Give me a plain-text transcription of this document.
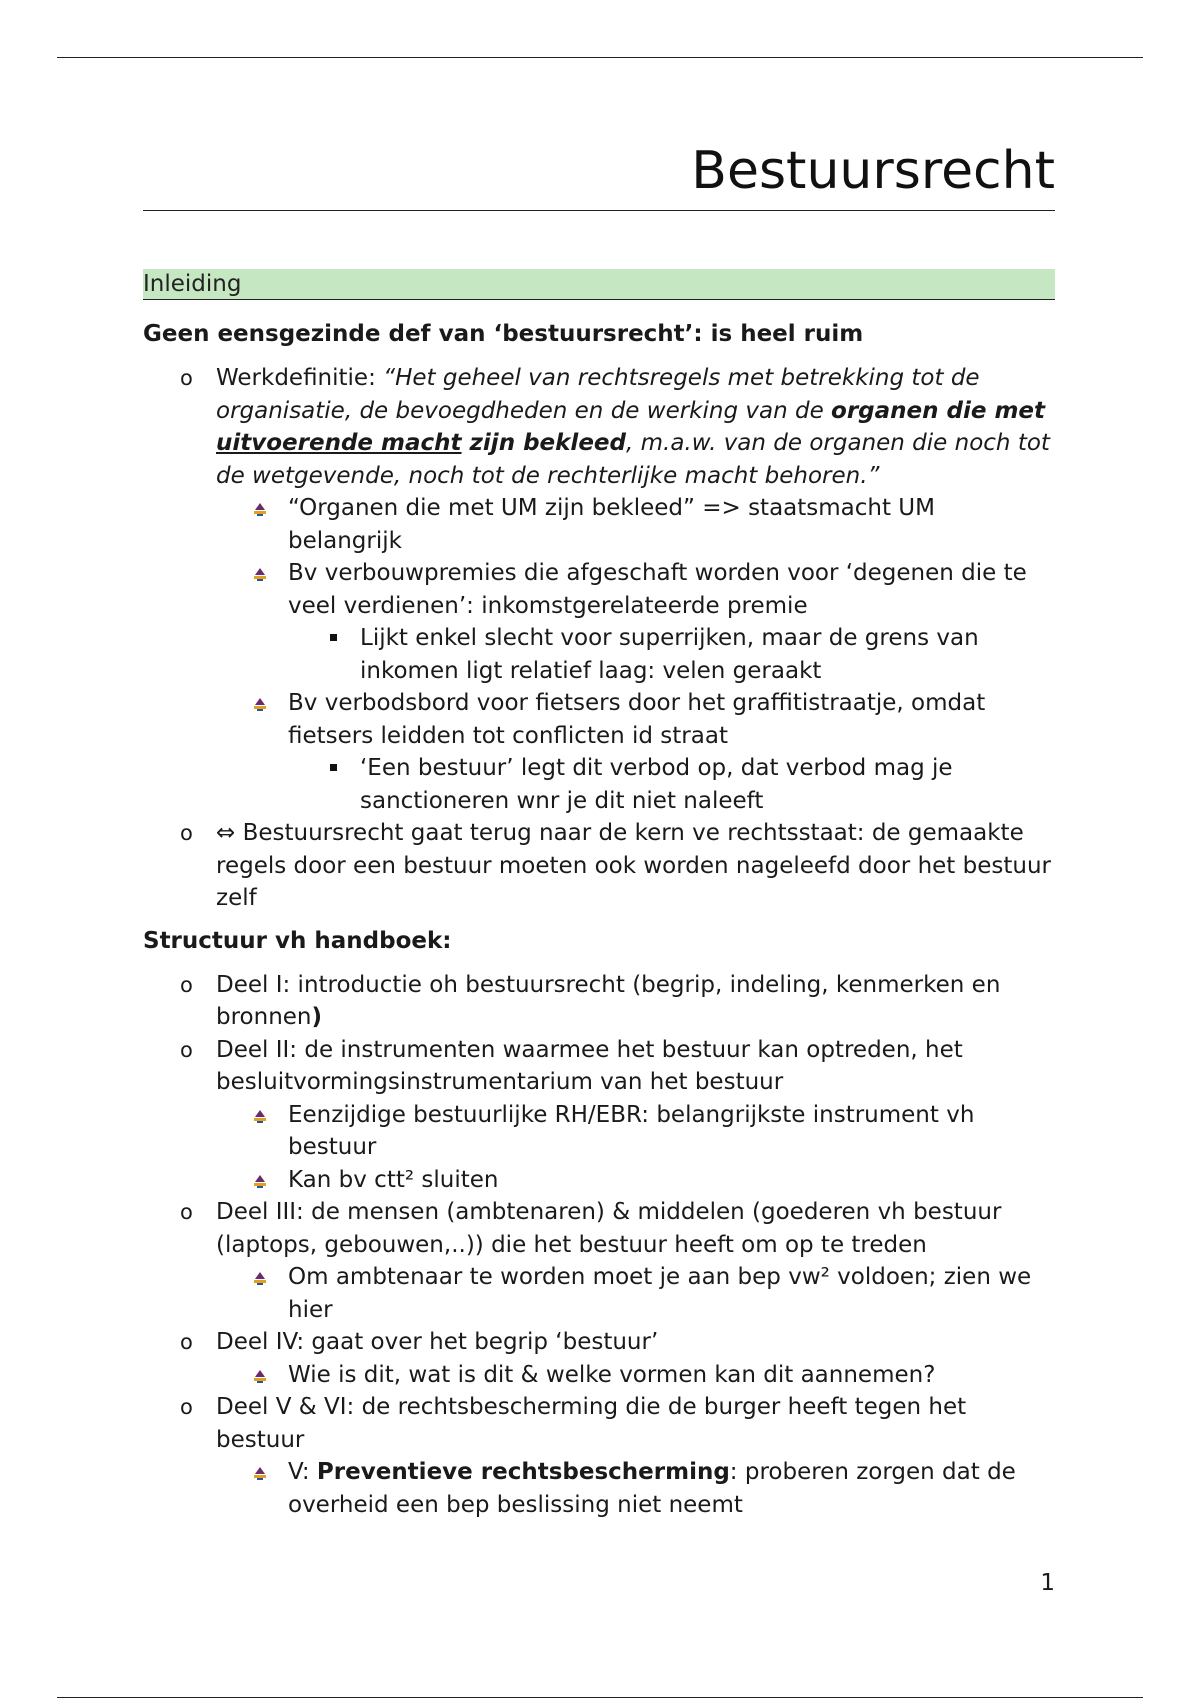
Bestuursrecht
Inleiding
Geen eensgezinde def van ‘bestuursrecht’: is heel ruim
o Werkdefinitie: “Het geheel van rechtsregels met betrekking tot de organisatie, de bevoegdheden en de werking van de organen die met uitvoerende macht zijn bekleed, m.a.w. van de organen die noch tot de wetgevende, noch tot de rechterlijke macht behoren.”
“Organen die met UM zijn bekleed” => staatsmacht UM belangrijk
Bv verbouwpremies die afgeschaft worden voor ‘degenen die te veel verdienen’: inkomstgerelateerde premie
Lijkt enkel slecht voor superrijken, maar de grens van inkomen ligt relatief laag: velen geraakt
Bv verbodsbord voor fietsers door het graffitistraatje, omdat fietsers leidden tot conflicten id straat
‘Een bestuur’ legt dit verbod op, dat verbod mag je sanctioneren wnr je dit niet naleeft
o ⇔ Bestuursrecht gaat terug naar de kern ve rechtsstaat: de gemaakte regels door een bestuur moeten ook worden nageleefd door het bestuur zelf
Structuur vh handboek:
o Deel I: introductie oh bestuursrecht (begrip, indeling, kenmerken en bronnen)
o Deel II: de instrumenten waarmee het bestuur kan optreden, het besluitvormingsinstrumentarium van het bestuur
Eenzijdige bestuurlijke RH/EBR: belangrijkste instrument vh bestuur
Kan bv ctt² sluiten
o Deel III: de mensen (ambtenaren) & middelen (goederen vh bestuur (laptops, gebouwen,..)) die het bestuur heeft om op te treden
Om ambtenaar te worden moet je aan bep vw² voldoen; zien we hier
o Deel IV: gaat over het begrip ‘bestuur’
Wie is dit, wat is dit & welke vormen kan dit aannemen?
o Deel V & VI: de rechtsbescherming die de burger heeft tegen het bestuur
V: Preventieve rechtsbescherming: proberen zorgen dat de overheid een bep beslissing niet neemt
1
